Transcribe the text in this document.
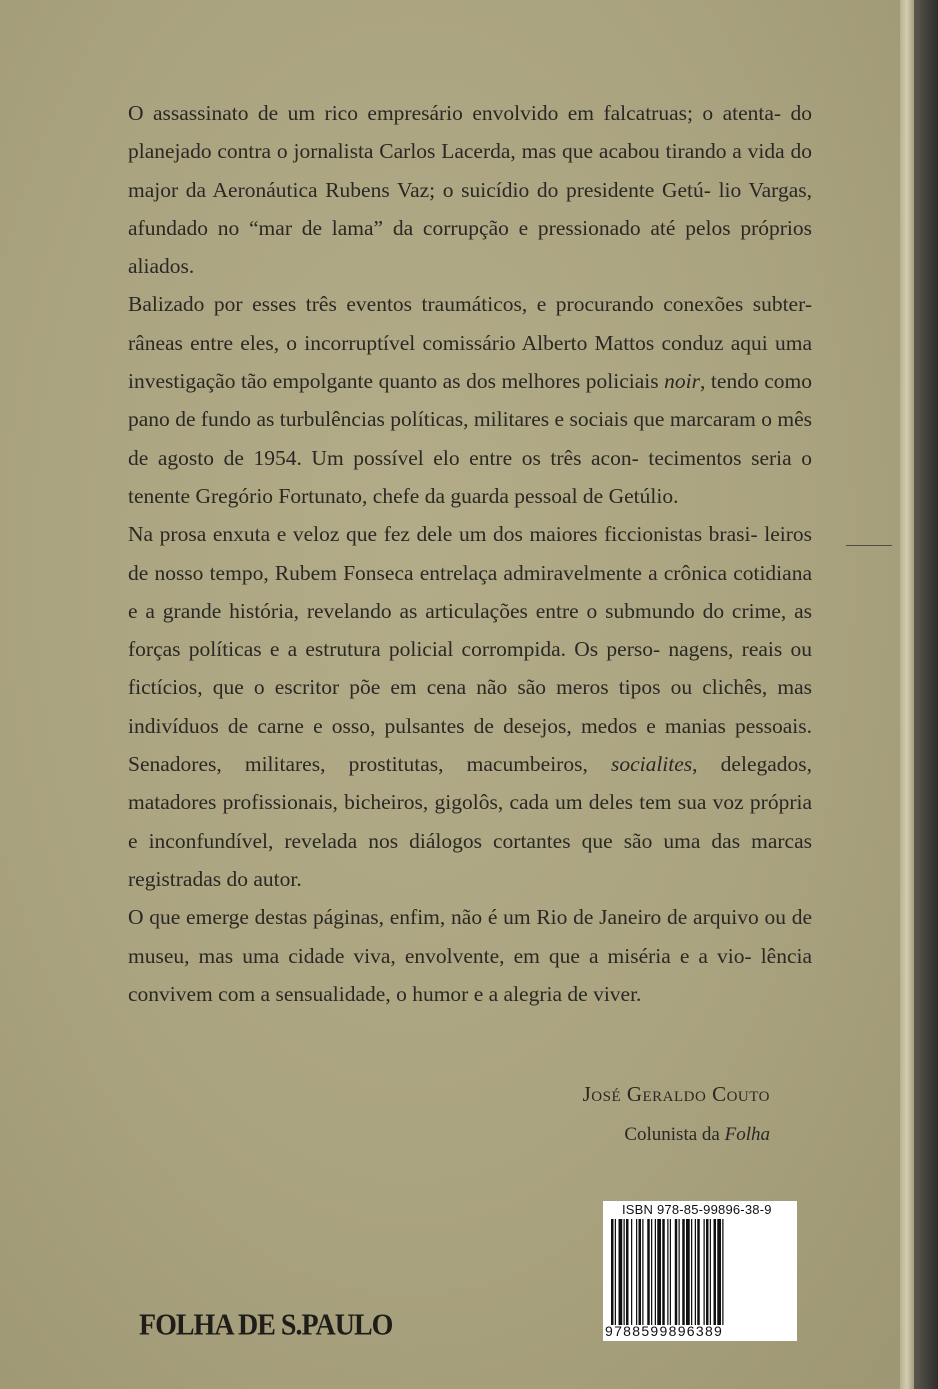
O assassinato de um rico empresário envolvido em falcatruas; o atenta- do planejado contra o jornalista Carlos Lacerda, mas que acabou tirando a vida do major da Aeronáutica Rubens Vaz; o suicídio do presidente Getú- lio Vargas, afundado no “mar de lama” da corrupção e pressionado até pelos próprios aliados.

Balizado por esses três eventos traumáticos, e procurando conexões subter- râneas entre eles, o incorruptível comissário Alberto Mattos conduz aqui uma investigação tão empolgante quanto as dos melhores policiais noir, tendo como pano de fundo as turbulências políticas, militares e sociais que marcaram o mês de agosto de 1954. Um possível elo entre os três acon- tecimentos seria o tenente Gregório Fortunato, chefe da guarda pessoal de Getúlio.

Na prosa enxuta e veloz que fez dele um dos maiores ficcionistas brasi- leiros de nosso tempo, Rubem Fonseca entrelaça admiravelmente a crônica cotidiana e a grande história, revelando as articulações entre o submundo do crime, as forças políticas e a estrutura policial corrompida. Os perso- nagens, reais ou fictícios, que o escritor põe em cena não são meros tipos ou clichês, mas indivíduos de carne e osso, pulsantes de desejos, medos e manias pessoais. Senadores, militares, prostitutas, macumbeiros, socialites, delegados, matadores profissionais, bicheiros, gigolôs, cada um deles tem sua voz própria e inconfundível, revelada nos diálogos cortantes que são uma das marcas registradas do autor.

O que emerge destas páginas, enfim, não é um Rio de Janeiro de arquivo ou de museu, mas uma cidade viva, envolvente, em que a miséria e a vio- lência convivem com a sensualidade, o humor e a alegria de viver.

José Geraldo Couto
Colunista da Folha
FOLHA DE S.PAULO
ISBN 978-85-99896-38-9
9788599896389
